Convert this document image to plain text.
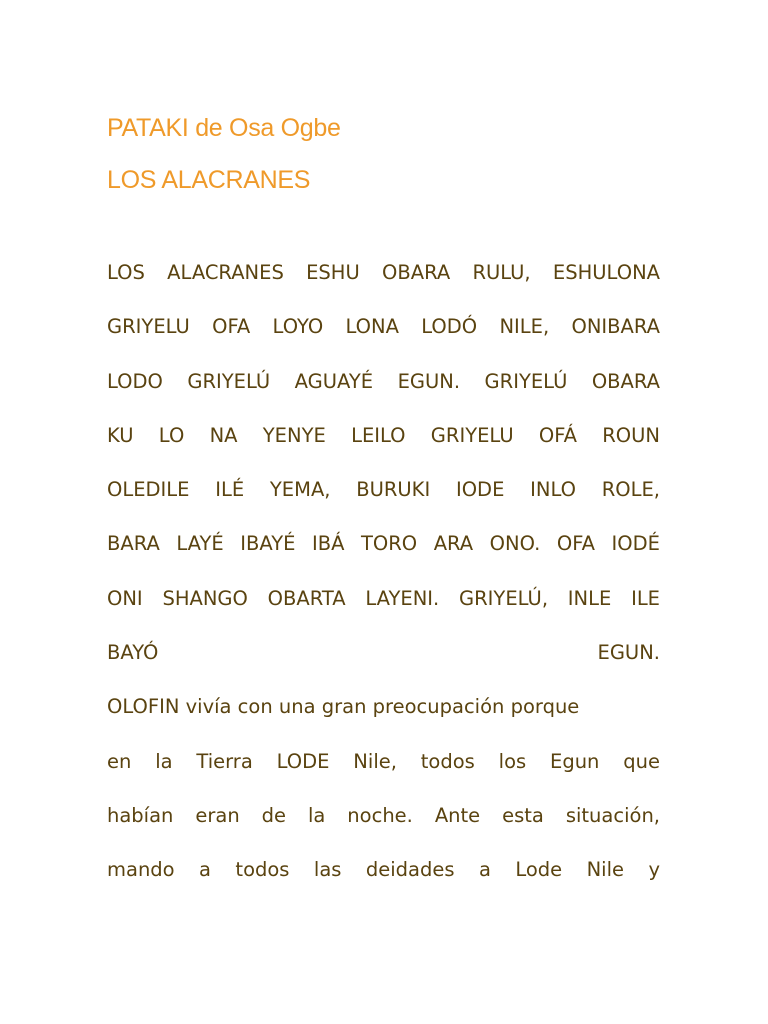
PATAKI de Osa Ogbe
LOS ALACRANES
LOS ALACRANES ESHU OBARA RULU, ESHULONA
GRIYELU OFA LOYO LONA LODÓ NILE, ONIBARA
LODO GRIYELÚ AGUAYÉ EGUN. GRIYELÚ OBARA
KU LO NA YENYE LEILO GRIYELU OFÁ ROUN
OLEDILE ILÉ YEMA, BURUKI IODE INLO ROLE,
BARA LAYÉ IBAYÉ IBÁ TORO ARA ONO. OFA IODÉ
ONI SHANGO OBARTA LAYENI. GRIYELÚ, INLE ILE
BAYÓ EGUN.
OLOFIN vivía con una gran preocupación porque
en la Tierra LODE Nile, todos los Egun que
habían eran de la noche. Ante esta situación,
mando a todos las deidades a Lode Nile y
